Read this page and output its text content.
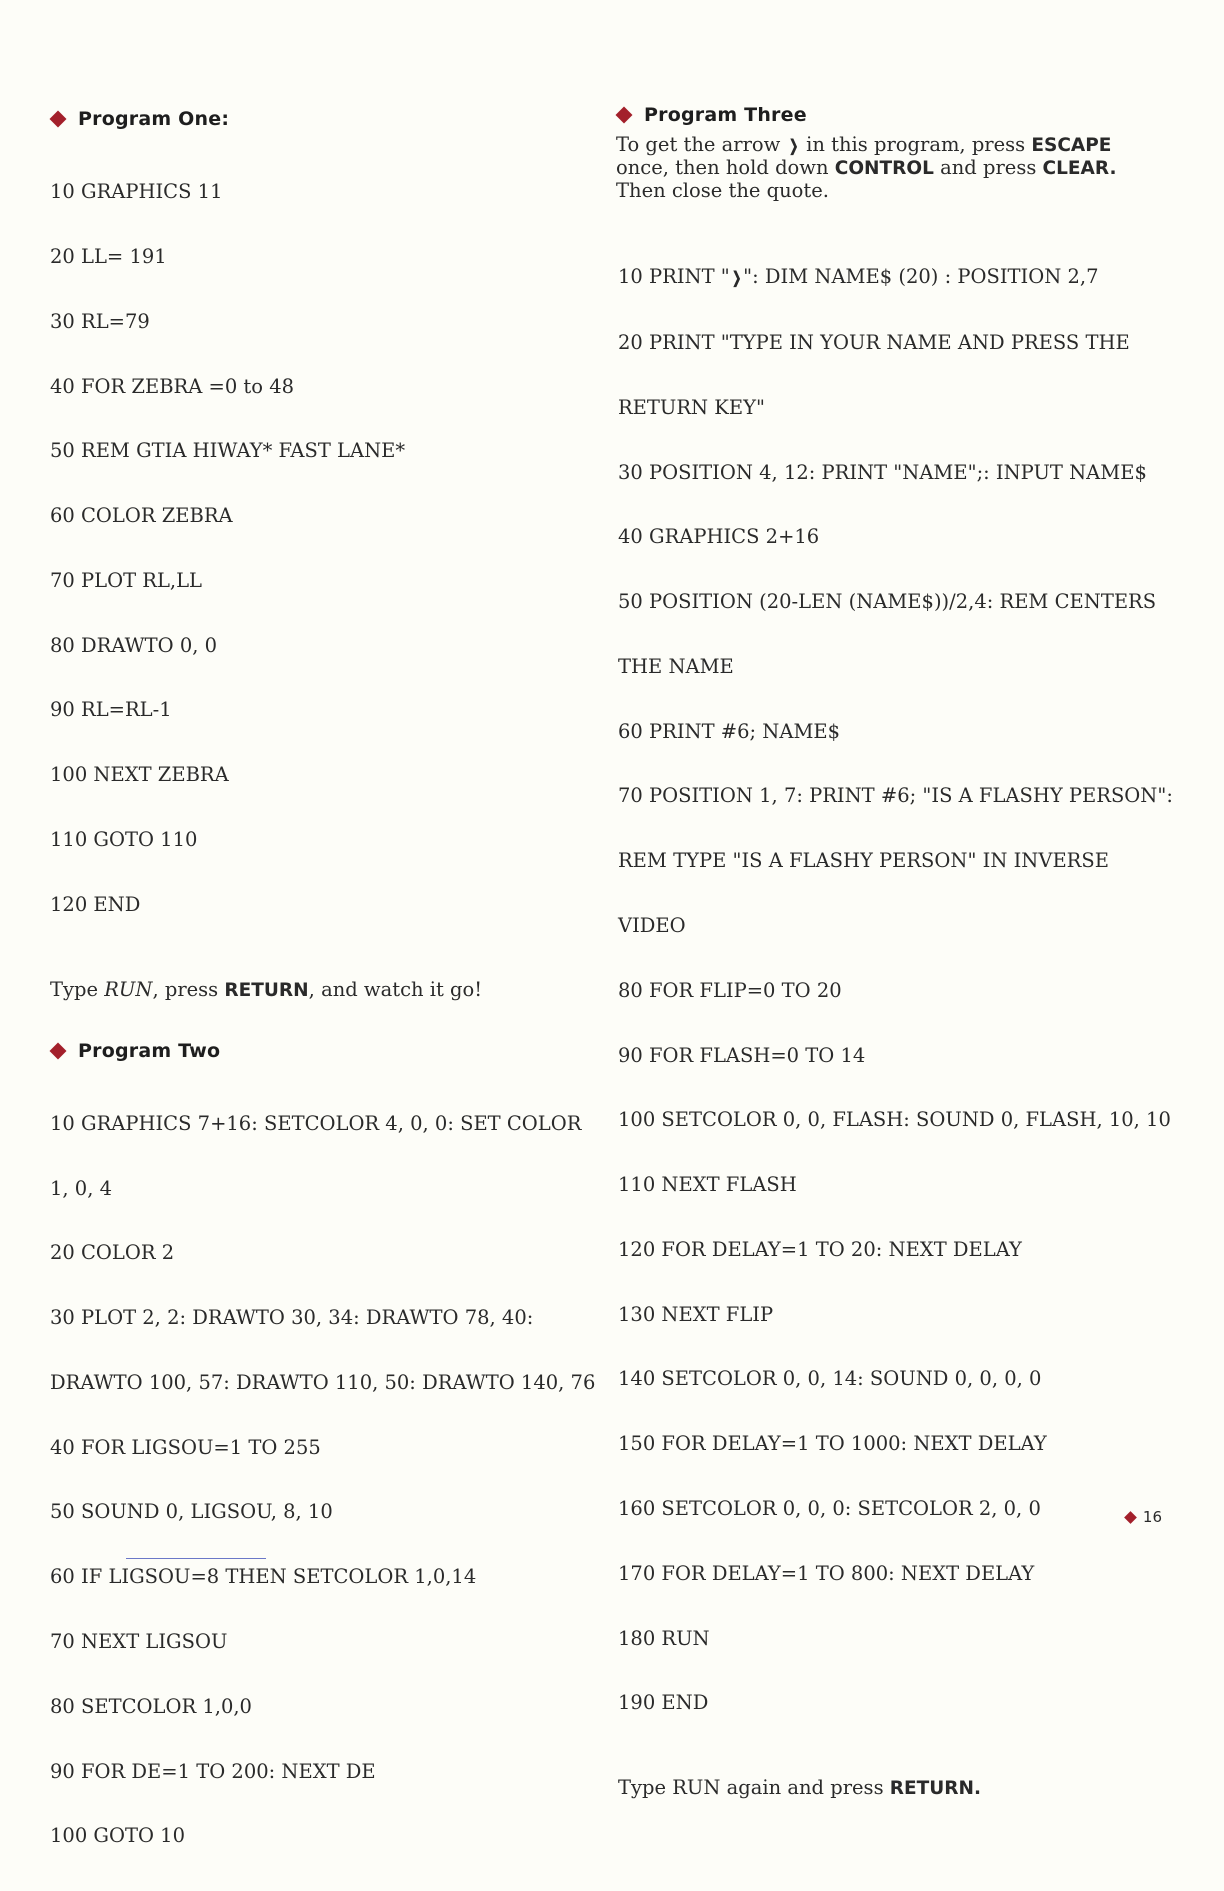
Program One:

10 GRAPHICS 11

20 LL= 191

30 RL=79

40 FOR ZEBRA =0 to 48

50 REM GTIA HIWAY* FAST LANE*

60 COLOR ZEBRA

70 PLOT RL,LL

80 DRAWTO 0, 0

90 RL=RL-1

100 NEXT ZEBRA

110 GOTO 110

120 END

Type RUN, press RETURN, and watch it go!

Program Two

10 GRAPHICS 7+16: SETCOLOR 4, 0, 0: SET COLOR

1, 0, 4

20 COLOR 2

30 PLOT 2, 2: DRAWTO 30, 34: DRAWTO 78, 40:

DRAWTO 100, 57: DRAWTO 110, 50: DRAWTO 140, 76

40 FOR LIGSOU=1 TO 255

50 SOUND 0, LIGSOU, 8, 10

60 IF LIGSOU=8 THEN SETCOLOR 1,0,14

70 NEXT LIGSOU

80 SETCOLOR 1,0,0

90 FOR DE=1 TO 200: NEXT DE

100 GOTO 10

Program Three

To get the arrow ❯ in this program, press ESCAPE
once, then hold down CONTROL and press CLEAR.
Then close the quote.

10 PRINT " ❯ ": DIM NAME$ (20) : POSITION 2,7

20 PRINT "TYPE IN YOUR NAME AND PRESS THE

RETURN KEY"

30 POSITION 4, 12: PRINT "NAME";: INPUT NAME$

40 GRAPHICS 2+16

50 POSITION (20-LEN (NAME$))/2,4: REM CENTERS

THE NAME

60 PRINT #6; NAME$

70 POSITION 1, 7: PRINT #6; "IS A FLASHY PERSON":

REM TYPE "IS A FLASHY PERSON" IN INVERSE

VIDEO

80 FOR FLIP=0 TO 20

90 FOR FLASH=0 TO 14

100 SETCOLOR 0, 0, FLASH: SOUND 0, FLASH, 10, 10

110 NEXT FLASH

120 FOR DELAY=1 TO 20: NEXT DELAY

130 NEXT FLIP

140 SETCOLOR 0, 0, 14: SOUND 0, 0, 0, 0

150 FOR DELAY=1 TO 1000: NEXT DELAY

160 SETCOLOR 0, 0, 0: SETCOLOR 2, 0, 0

170 FOR DELAY=1 TO 800: NEXT DELAY

180 RUN

190 END

Type RUN again and press RETURN.

16
